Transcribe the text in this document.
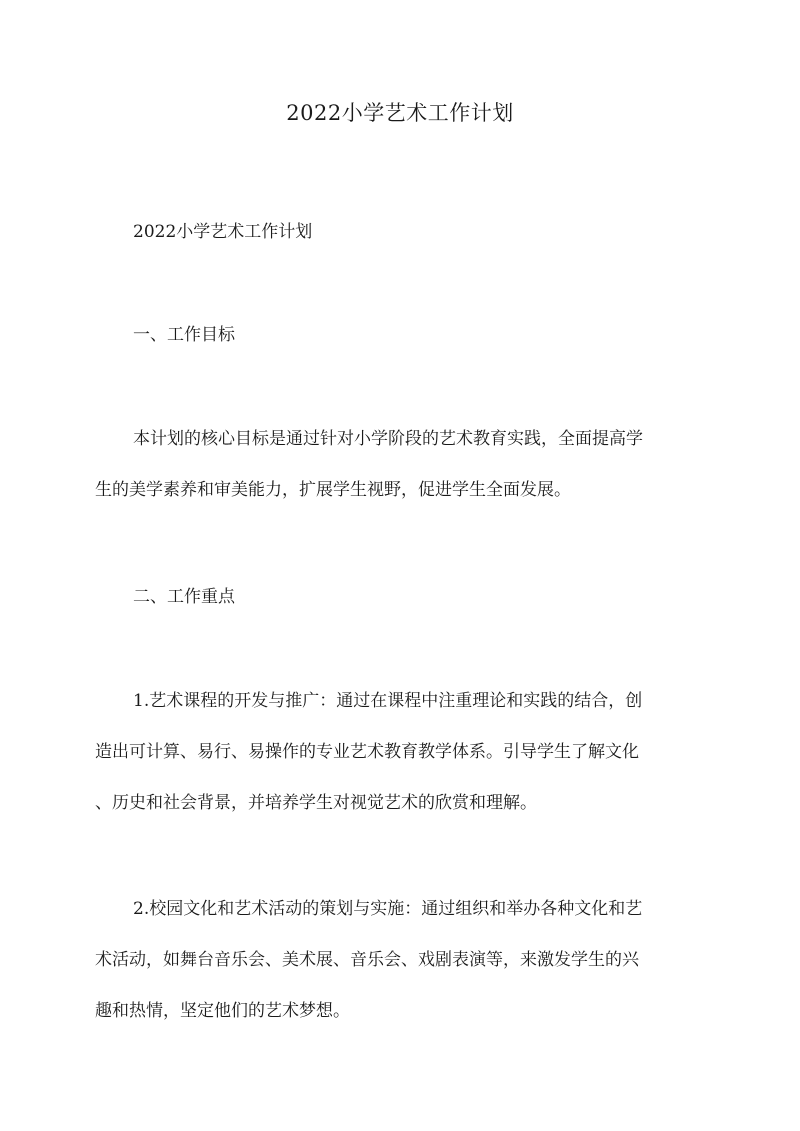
2022小学艺术工作计划

2022小学艺术工作计划

一、工作目标

本计划的核心目标是通过针对小学阶段的艺术教育实践，全面提高学
生的美学素养和审美能力，扩展学生视野，促进学生全面发展。

二、工作重点

1.艺术课程的开发与推广：通过在课程中注重理论和实践的结合，创
造出可计算、易行、易操作的专业艺术教育教学体系。引导学生了解文化
、历史和社会背景，并培养学生对视觉艺术的欣赏和理解。

2.校园文化和艺术活动的策划与实施：通过组织和举办各种文化和艺
术活动，如舞台音乐会、美术展、音乐会、戏剧表演等，来激发学生的兴
趣和热情，坚定他们的艺术梦想。
